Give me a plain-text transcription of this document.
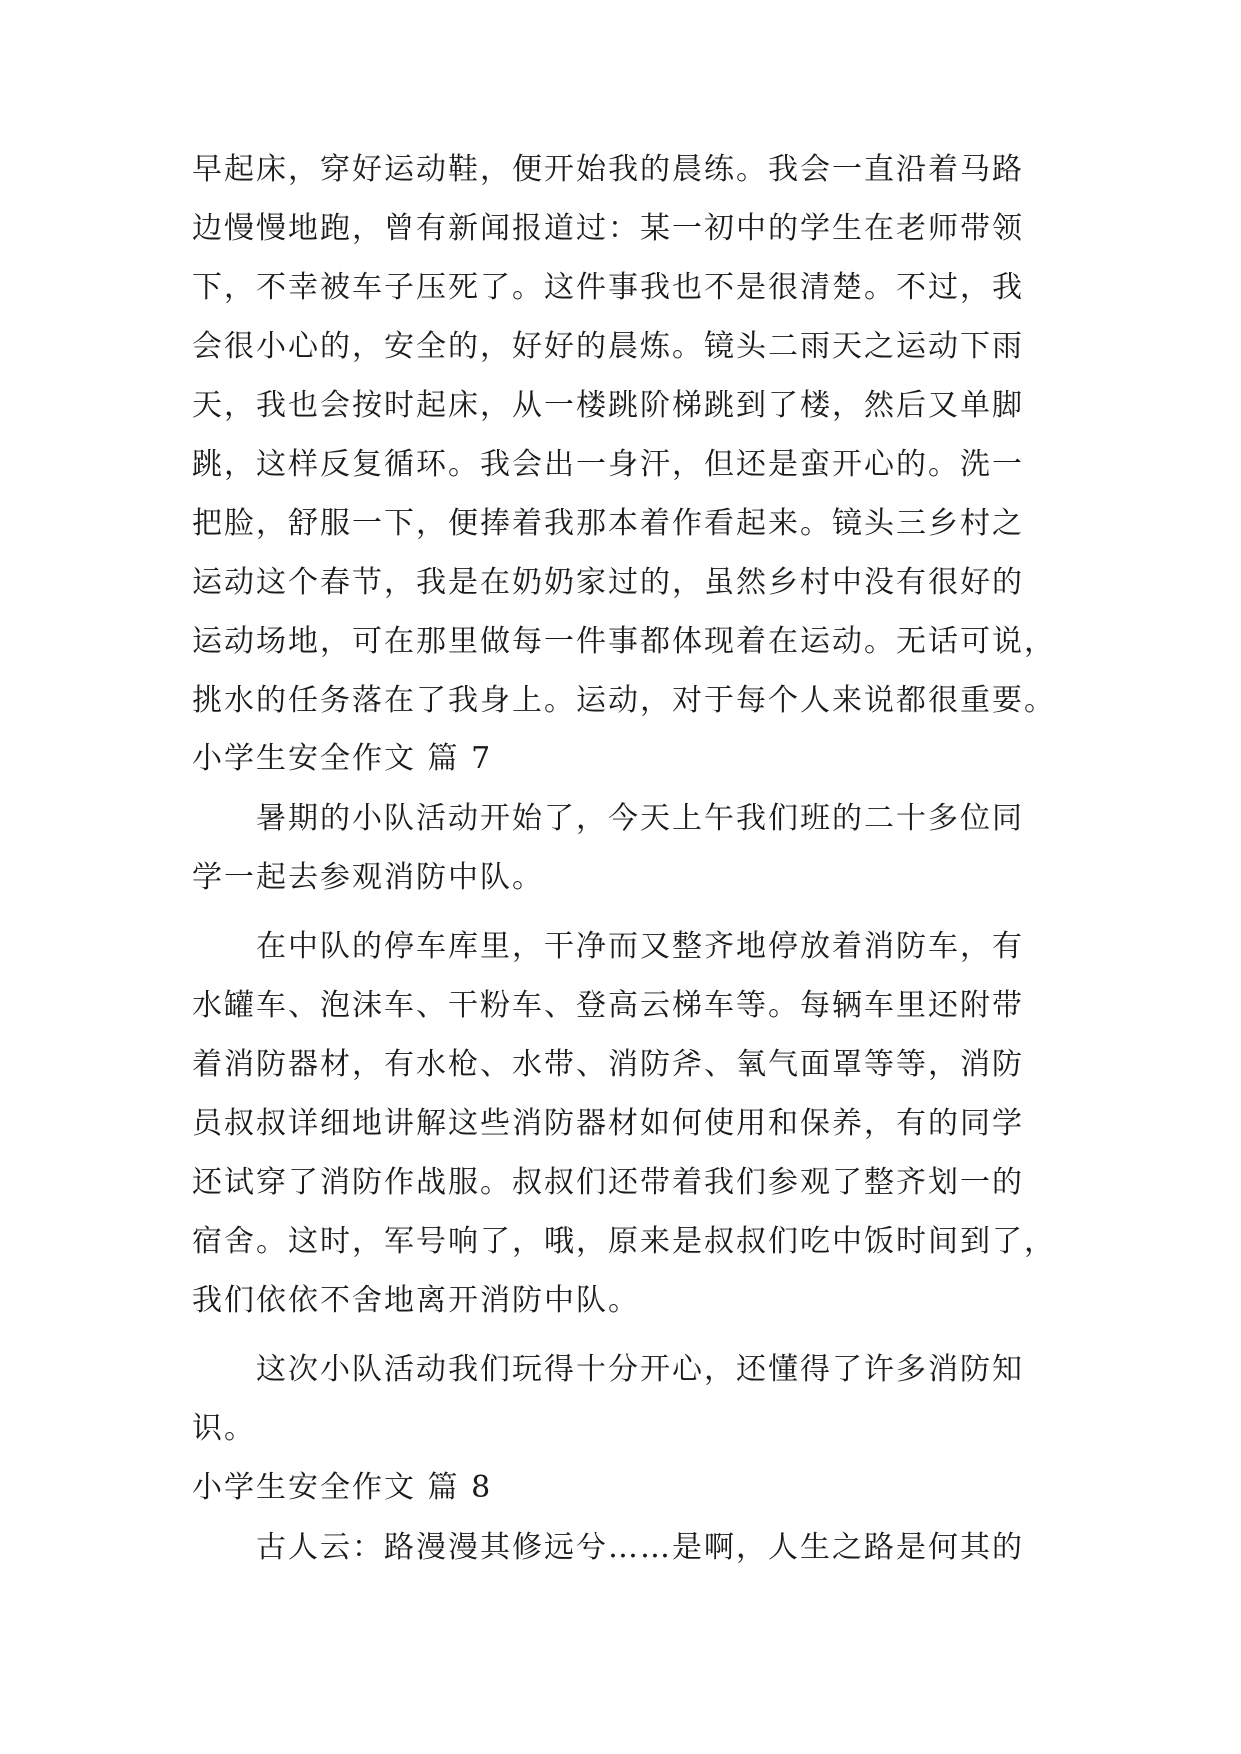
早起床，穿好运动鞋，便开始我的晨练。我会一直沿着马路
边慢慢地跑，曾有新闻报道过：某一初中的学生在老师带领
下，不幸被车子压死了。这件事我也不是很清楚。不过，我
会很小心的，安全的，好好的晨炼。镜头二雨天之运动下雨
天，我也会按时起床，从一楼跳阶梯跳到了楼，然后又单脚
跳，这样反复循环。我会出一身汗，但还是蛮开心的。洗一
把脸，舒服一下，便捧着我那本着作看起来。镜头三乡村之
运动这个春节，我是在奶奶家过的，虽然乡村中没有很好的
运动场地，可在那里做每一件事都体现着在运动。无话可说，
挑水的任务落在了我身上。运动，对于每个人来说都很重要。
小学生安全作文 篇 7
暑期的小队活动开始了，今天上午我们班的二十多位同
学一起去参观消防中队。
在中队的停车库里，干净而又整齐地停放着消防车，有
水罐车、泡沫车、干粉车、登高云梯车等。每辆车里还附带
着消防器材，有水枪、水带、消防斧、氧气面罩等等，消防
员叔叔详细地讲解这些消防器材如何使用和保养，有的同学
还试穿了消防作战服。叔叔们还带着我们参观了整齐划一的
宿舍。这时，军号响了，哦，原来是叔叔们吃中饭时间到了，
我们依依不舍地离开消防中队。
这次小队活动我们玩得十分开心，还懂得了许多消防知
识。
小学生安全作文 篇 8
古人云：路漫漫其修远兮……是啊，人生之路是何其的
